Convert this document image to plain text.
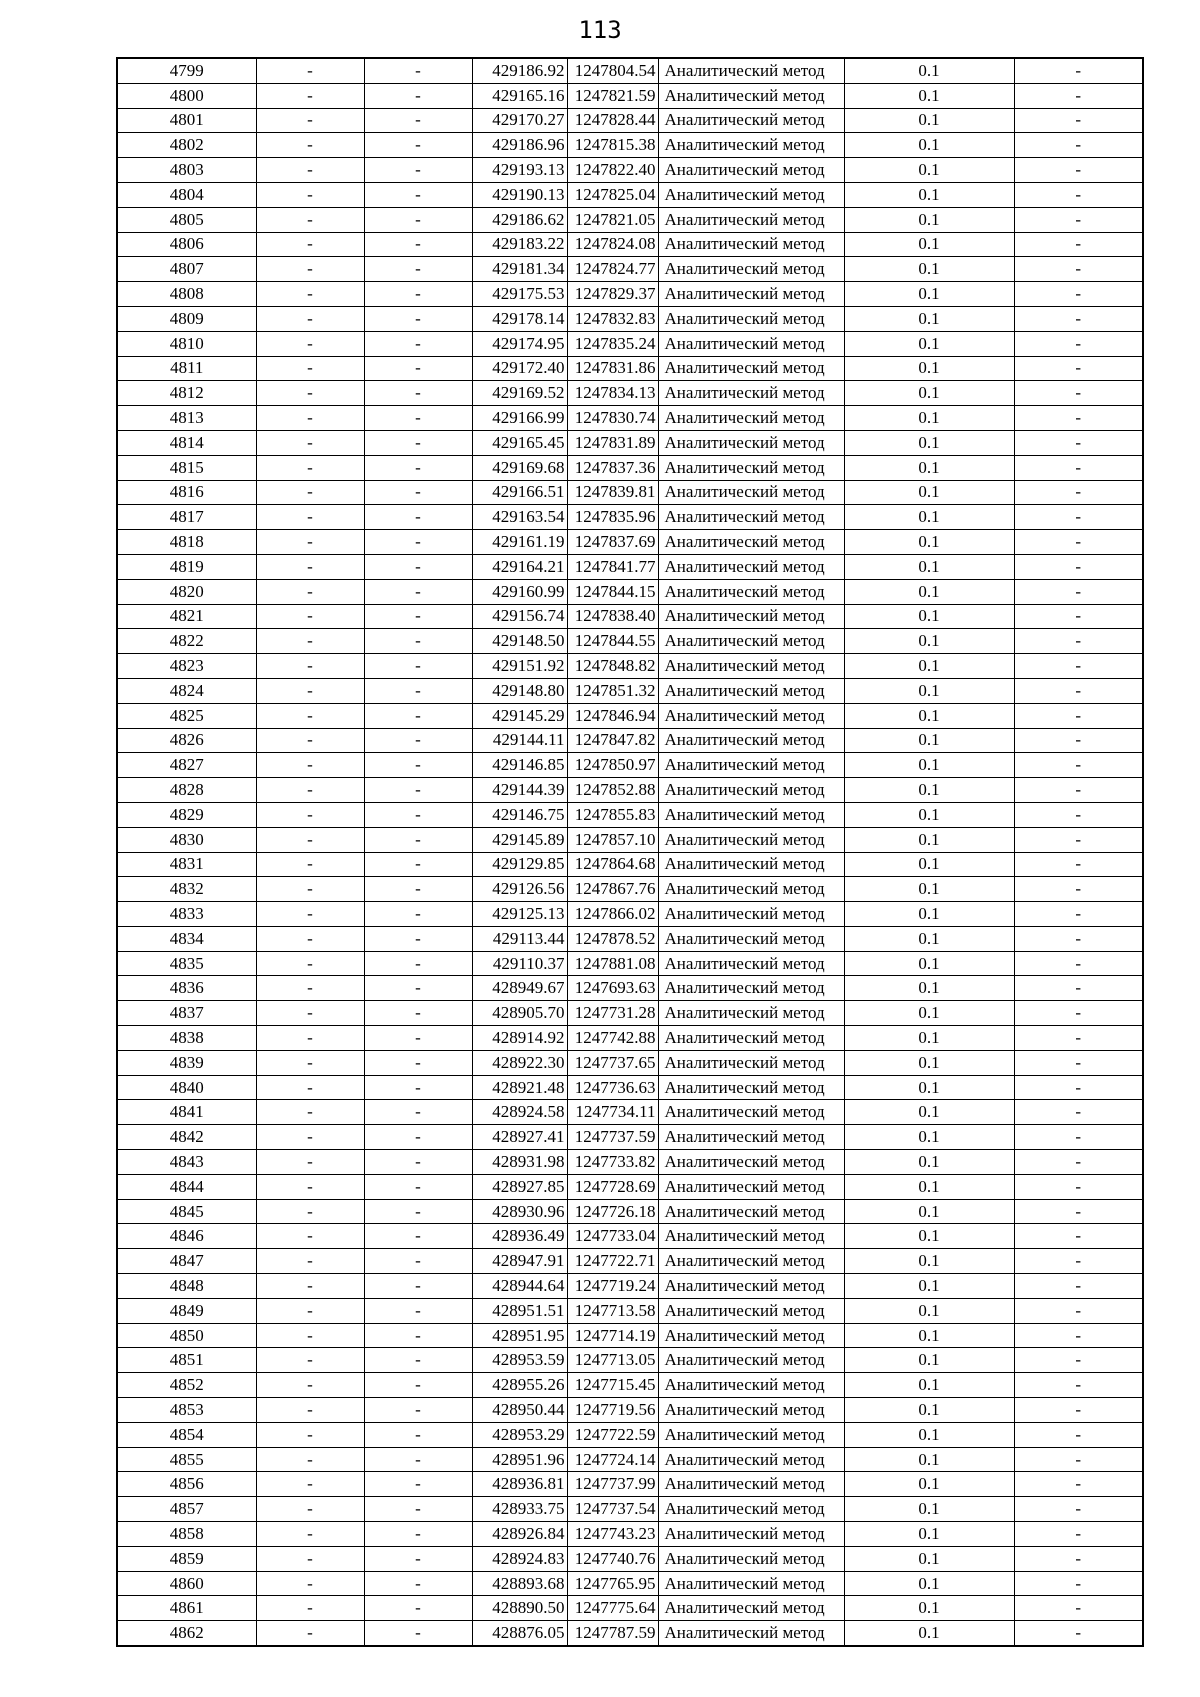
113
4799	-	-	429186.92	1247804.54	Аналитический метод	0.1	-
4800	-	-	429165.16	1247821.59	Аналитический метод	0.1	-
4801	-	-	429170.27	1247828.44	Аналитический метод	0.1	-
4802	-	-	429186.96	1247815.38	Аналитический метод	0.1	-
4803	-	-	429193.13	1247822.40	Аналитический метод	0.1	-
4804	-	-	429190.13	1247825.04	Аналитический метод	0.1	-
4805	-	-	429186.62	1247821.05	Аналитический метод	0.1	-
4806	-	-	429183.22	1247824.08	Аналитический метод	0.1	-
4807	-	-	429181.34	1247824.77	Аналитический метод	0.1	-
4808	-	-	429175.53	1247829.37	Аналитический метод	0.1	-
4809	-	-	429178.14	1247832.83	Аналитический метод	0.1	-
4810	-	-	429174.95	1247835.24	Аналитический метод	0.1	-
4811	-	-	429172.40	1247831.86	Аналитический метод	0.1	-
4812	-	-	429169.52	1247834.13	Аналитический метод	0.1	-
4813	-	-	429166.99	1247830.74	Аналитический метод	0.1	-
4814	-	-	429165.45	1247831.89	Аналитический метод	0.1	-
4815	-	-	429169.68	1247837.36	Аналитический метод	0.1	-
4816	-	-	429166.51	1247839.81	Аналитический метод	0.1	-
4817	-	-	429163.54	1247835.96	Аналитический метод	0.1	-
4818	-	-	429161.19	1247837.69	Аналитический метод	0.1	-
4819	-	-	429164.21	1247841.77	Аналитический метод	0.1	-
4820	-	-	429160.99	1247844.15	Аналитический метод	0.1	-
4821	-	-	429156.74	1247838.40	Аналитический метод	0.1	-
4822	-	-	429148.50	1247844.55	Аналитический метод	0.1	-
4823	-	-	429151.92	1247848.82	Аналитический метод	0.1	-
4824	-	-	429148.80	1247851.32	Аналитический метод	0.1	-
4825	-	-	429145.29	1247846.94	Аналитический метод	0.1	-
4826	-	-	429144.11	1247847.82	Аналитический метод	0.1	-
4827	-	-	429146.85	1247850.97	Аналитический метод	0.1	-
4828	-	-	429144.39	1247852.88	Аналитический метод	0.1	-
4829	-	-	429146.75	1247855.83	Аналитический метод	0.1	-
4830	-	-	429145.89	1247857.10	Аналитический метод	0.1	-
4831	-	-	429129.85	1247864.68	Аналитический метод	0.1	-
4832	-	-	429126.56	1247867.76	Аналитический метод	0.1	-
4833	-	-	429125.13	1247866.02	Аналитический метод	0.1	-
4834	-	-	429113.44	1247878.52	Аналитический метод	0.1	-
4835	-	-	429110.37	1247881.08	Аналитический метод	0.1	-
4836	-	-	428949.67	1247693.63	Аналитический метод	0.1	-
4837	-	-	428905.70	1247731.28	Аналитический метод	0.1	-
4838	-	-	428914.92	1247742.88	Аналитический метод	0.1	-
4839	-	-	428922.30	1247737.65	Аналитический метод	0.1	-
4840	-	-	428921.48	1247736.63	Аналитический метод	0.1	-
4841	-	-	428924.58	1247734.11	Аналитический метод	0.1	-
4842	-	-	428927.41	1247737.59	Аналитический метод	0.1	-
4843	-	-	428931.98	1247733.82	Аналитический метод	0.1	-
4844	-	-	428927.85	1247728.69	Аналитический метод	0.1	-
4845	-	-	428930.96	1247726.18	Аналитический метод	0.1	-
4846	-	-	428936.49	1247733.04	Аналитический метод	0.1	-
4847	-	-	428947.91	1247722.71	Аналитический метод	0.1	-
4848	-	-	428944.64	1247719.24	Аналитический метод	0.1	-
4849	-	-	428951.51	1247713.58	Аналитический метод	0.1	-
4850	-	-	428951.95	1247714.19	Аналитический метод	0.1	-
4851	-	-	428953.59	1247713.05	Аналитический метод	0.1	-
4852	-	-	428955.26	1247715.45	Аналитический метод	0.1	-
4853	-	-	428950.44	1247719.56	Аналитический метод	0.1	-
4854	-	-	428953.29	1247722.59	Аналитический метод	0.1	-
4855	-	-	428951.96	1247724.14	Аналитический метод	0.1	-
4856	-	-	428936.81	1247737.99	Аналитический метод	0.1	-
4857	-	-	428933.75	1247737.54	Аналитический метод	0.1	-
4858	-	-	428926.84	1247743.23	Аналитический метод	0.1	-
4859	-	-	428924.83	1247740.76	Аналитический метод	0.1	-
4860	-	-	428893.68	1247765.95	Аналитический метод	0.1	-
4861	-	-	428890.50	1247775.64	Аналитический метод	0.1	-
4862	-	-	428876.05	1247787.59	Аналитический метод	0.1	-
